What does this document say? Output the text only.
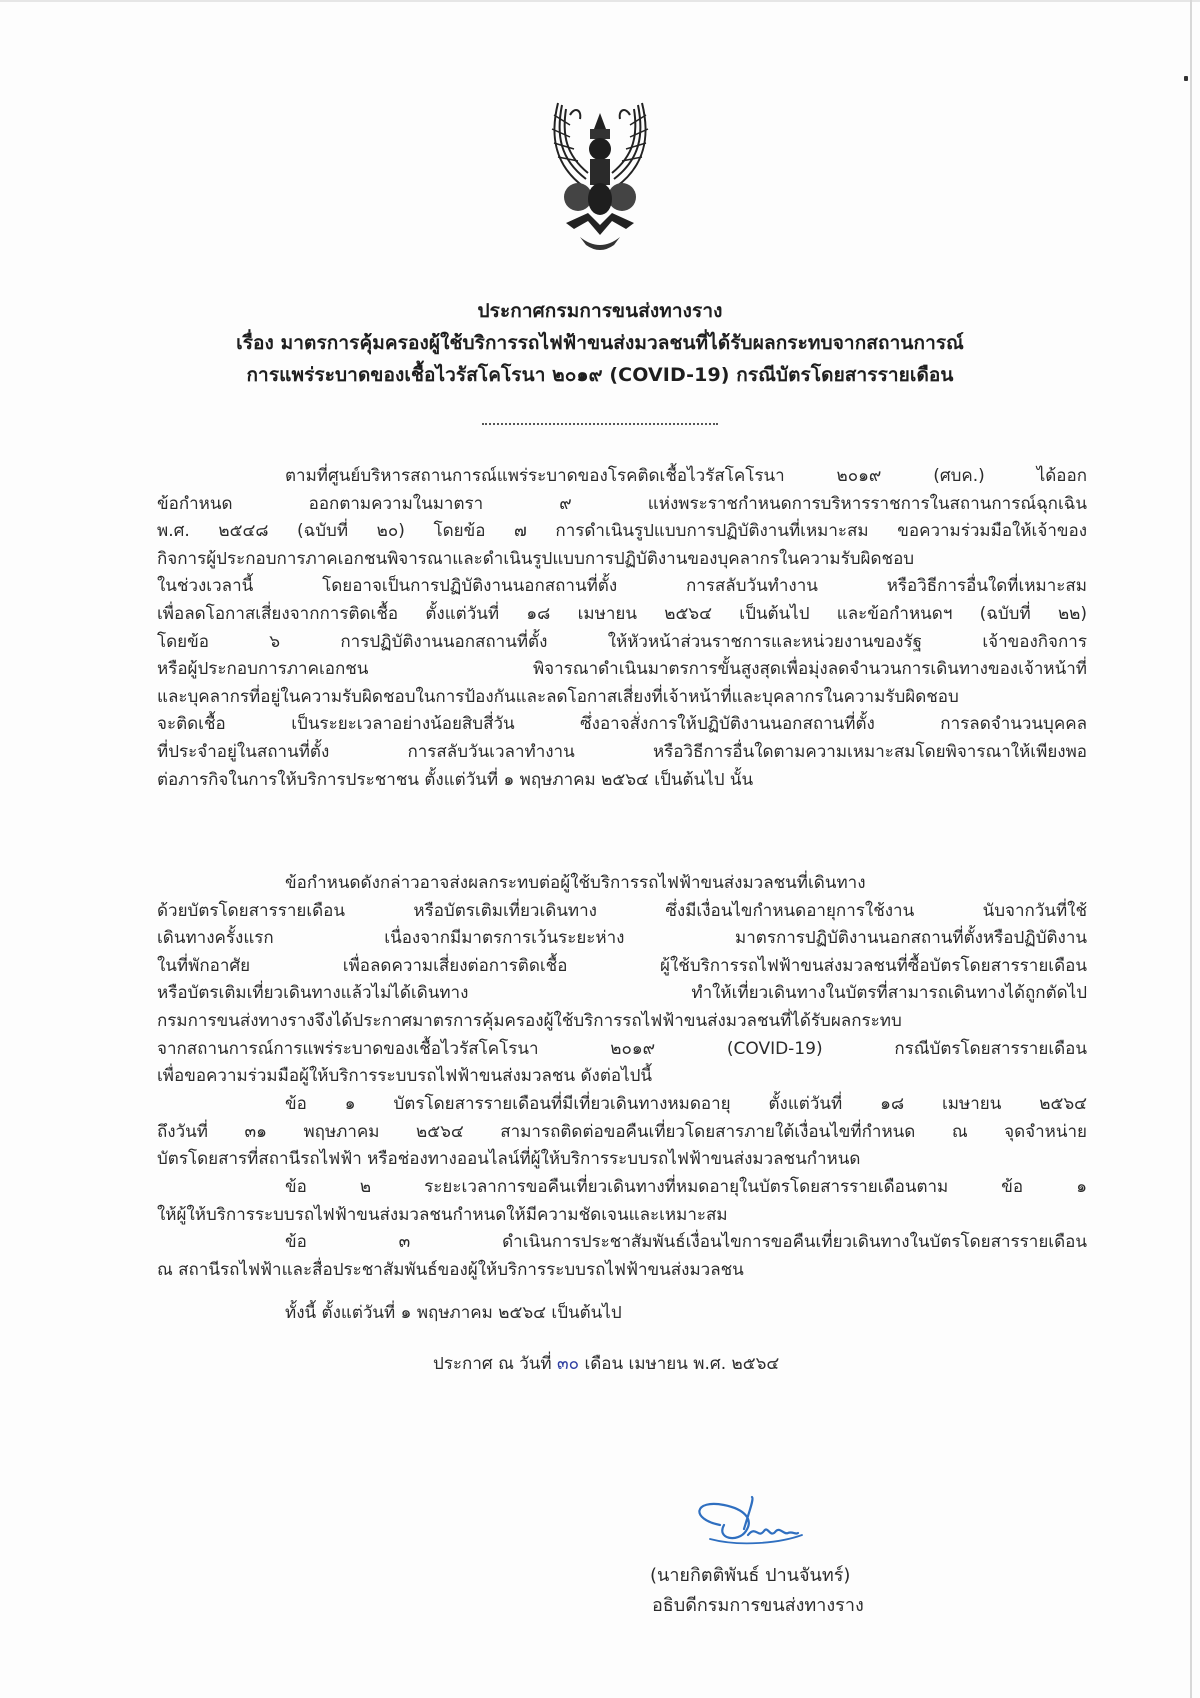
ประกาศกรมการขนส่งทางราง
เรื่อง มาตรการคุ้มครองผู้ใช้บริการรถไฟฟ้าขนส่งมวลชนที่ได้รับผลกระทบจากสถานการณ์
การแพร่ระบาดของเชื้อไวรัสโคโรนา ๒๐๑๙ (COVID-19) กรณีบัตรโดยสารรายเดือน
ตามที่ศูนย์บริหารสถานการณ์แพร่ระบาดของโรคติดเชื้อไวรัสโคโรนา ๒๐๑๙ (ศบค.) ได้ออก
ข้อกำหนด ออกตามความในมาตรา ๙ แห่งพระราชกำหนดการบริหารราชการในสถานการณ์ฉุกเฉิน
พ.ศ. ๒๕๔๘ (ฉบับที่ ๒๐) โดยข้อ ๗ การดำเนินรูปแบบการปฏิบัติงานที่เหมาะสม ขอความร่วมมือให้เจ้าของ
กิจการผู้ประกอบการภาคเอกชนพิจารณาและดำเนินรูปแบบการปฏิบัติงานของบุคลากรในความรับผิดชอบ
ในช่วงเวลานี้ โดยอาจเป็นการปฏิบัติงานนอกสถานที่ตั้ง การสลับวันทำงาน หรือวิธีการอื่นใดที่เหมาะสม
เพื่อลดโอกาสเสี่ยงจากการติดเชื้อ ตั้งแต่วันที่ ๑๘ เมษายน ๒๕๖๔ เป็นต้นไป และข้อกำหนดฯ (ฉบับที่ ๒๒)
โดยข้อ ๖ การปฏิบัติงานนอกสถานที่ตั้ง ให้หัวหน้าส่วนราชการและหน่วยงานของรัฐ เจ้าของกิจการ
หรือผู้ประกอบการภาคเอกชน พิจารณาดำเนินมาตรการขั้นสูงสุดเพื่อมุ่งลดจำนวนการเดินทางของเจ้าหน้าที่
และบุคลากรที่อยู่ในความรับผิดชอบในการป้องกันและลดโอกาสเสี่ยงที่เจ้าหน้าที่และบุคลากรในความรับผิดชอบ
จะติดเชื้อ เป็นระยะเวลาอย่างน้อยสิบสี่วัน ซึ่งอาจสั่งการให้ปฏิบัติงานนอกสถานที่ตั้ง การลดจำนวนบุคคล
ที่ประจำอยู่ในสถานที่ตั้ง การสลับวันเวลาทำงาน หรือวิธีการอื่นใดตามความเหมาะสมโดยพิจารณาให้เพียงพอ
ต่อภารกิจในการให้บริการประชาชน ตั้งแต่วันที่ ๑ พฤษภาคม ๒๕๖๔ เป็นต้นไป นั้น
ข้อกำหนดดังกล่าวอาจส่งผลกระทบต่อผู้ใช้บริการรถไฟฟ้าขนส่งมวลชนที่เดินทาง
ด้วยบัตรโดยสารรายเดือน หรือบัตรเติมเที่ยวเดินทาง ซึ่งมีเงื่อนไขกำหนดอายุการใช้งาน นับจากวันที่ใช้
เดินทางครั้งแรก เนื่องจากมีมาตรการเว้นระยะห่าง มาตรการปฏิบัติงานนอกสถานที่ตั้งหรือปฏิบัติงาน
ในที่พักอาศัย เพื่อลดความเสี่ยงต่อการติดเชื้อ ผู้ใช้บริการรถไฟฟ้าขนส่งมวลชนที่ซื้อบัตรโดยสารรายเดือน
หรือบัตรเติมเที่ยวเดินทางแล้วไม่ได้เดินทาง ทำให้เที่ยวเดินทางในบัตรที่สามารถเดินทางได้ถูกตัดไป
กรมการขนส่งทางรางจึงได้ประกาศมาตรการคุ้มครองผู้ใช้บริการรถไฟฟ้าขนส่งมวลชนที่ได้รับผลกระทบ
จากสถานการณ์การแพร่ระบาดของเชื้อไวรัสโคโรนา ๒๐๑๙ (COVID-19) กรณีบัตรโดยสารรายเดือน
เพื่อขอความร่วมมือผู้ให้บริการระบบรถไฟฟ้าขนส่งมวลชน ดังต่อไปนี้
ข้อ ๑ บัตรโดยสารรายเดือนที่มีเที่ยวเดินทางหมดอายุ ตั้งแต่วันที่ ๑๘ เมษายน ๒๕๖๔
ถึงวันที่ ๓๑ พฤษภาคม ๒๕๖๔ สามารถติดต่อขอคืนเที่ยวโดยสารภายใต้เงื่อนไขที่กำหนด ณ จุดจำหน่าย
บัตรโดยสารที่สถานีรถไฟฟ้า หรือช่องทางออนไลน์ที่ผู้ให้บริการระบบรถไฟฟ้าขนส่งมวลชนกำหนด
ข้อ ๒ ระยะเวลาการขอคืนเที่ยวเดินทางที่หมดอายุในบัตรโดยสารรายเดือนตาม ข้อ ๑
ให้ผู้ให้บริการระบบรถไฟฟ้าขนส่งมวลชนกำหนดให้มีความชัดเจนและเหมาะสม
ข้อ ๓ ดำเนินการประชาสัมพันธ์เงื่อนไขการขอคืนเที่ยวเดินทางในบัตรโดยสารรายเดือน
ณ สถานีรถไฟฟ้าและสื่อประชาสัมพันธ์ของผู้ให้บริการระบบรถไฟฟ้าขนส่งมวลชน
ทั้งนี้ ตั้งแต่วันที่ ๑ พฤษภาคม ๒๕๖๔ เป็นต้นไป
ประกาศ ณ วันที่ ๓๐ เดือน เมษายน พ.ศ. ๒๕๖๔
(นายกิตติพันธ์ ปานจันทร์)
อธิบดีกรมการขนส่งทางราง
